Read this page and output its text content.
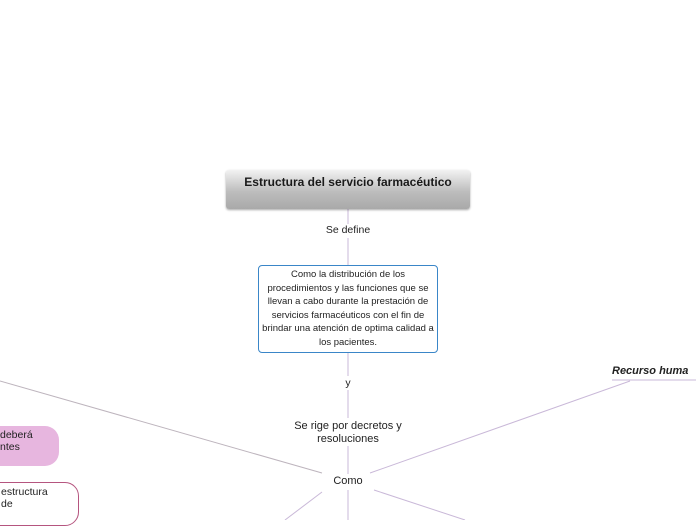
Estructura del servicio farmacéutico
Se define
Como la distribución de los procedimientos y las funciones que se llevan a cabo durante la prestación de servicios farmacéuticos con el fin de brindar una atención de optima calidad a los pacientes.
y
Se rige por decretos y resoluciones
Como
Recurso huma
deberá
ntes
estructura
de
